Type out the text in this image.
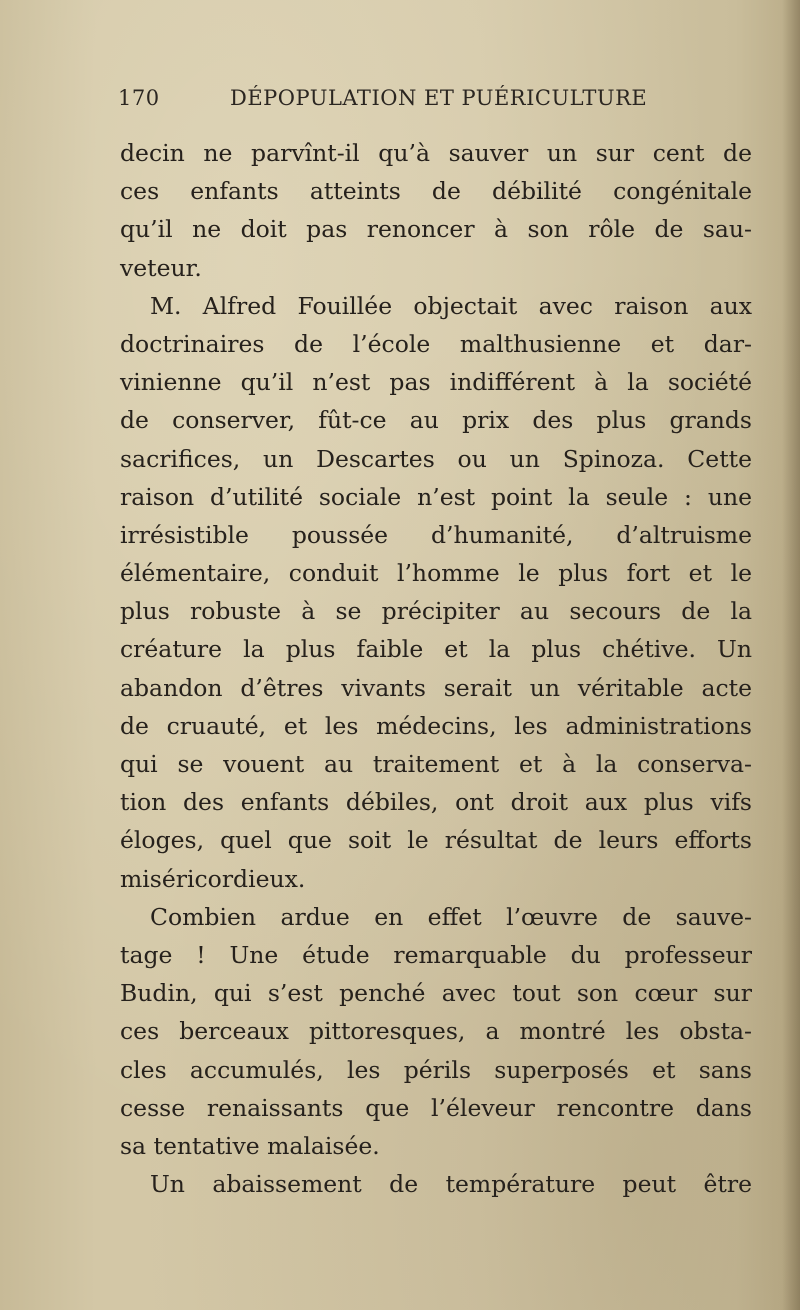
170	DÉPOPULATION ET PUÉRICULTURE
decin ne parvînt-il qu’à sauver un sur cent de
ces enfants atteints de débilité congénitale
qu’il ne doit pas renoncer à son rôle de sau-
veteur.
M. Alfred Fouillée objectait avec raison aux
doctrinaires de l’école malthusienne et dar-
vinienne qu’il n’est pas indifférent à la société
de conserver, fût-ce au prix des plus grands
sacrifices, un Descartes ou un Spinoza. Cette
raison d’utilité sociale n’est point la seule : une
irrésistible poussée d’humanité, d’altruisme
élémentaire, conduit l’homme le plus fort et le
plus robuste à se précipiter au secours de la
créature la plus faible et la plus chétive. Un
abandon d’êtres vivants serait un véritable acte
de cruauté, et les médecins, les administrations
qui se vouent au traitement et à la conserva-
tion des enfants débiles, ont droit aux plus vifs
éloges, quel que soit le résultat de leurs efforts
miséricordieux.
Combien ardue en effet l’œuvre de sauve-
tage ! Une étude remarquable du professeur
Budin, qui s’est penché avec tout son cœur sur
ces berceaux pittoresques, a montré les obsta-
cles accumulés, les périls superposés et sans
cesse renaissants que l’éleveur rencontre dans
sa tentative malaisée.
Un abaissement de température peut être
